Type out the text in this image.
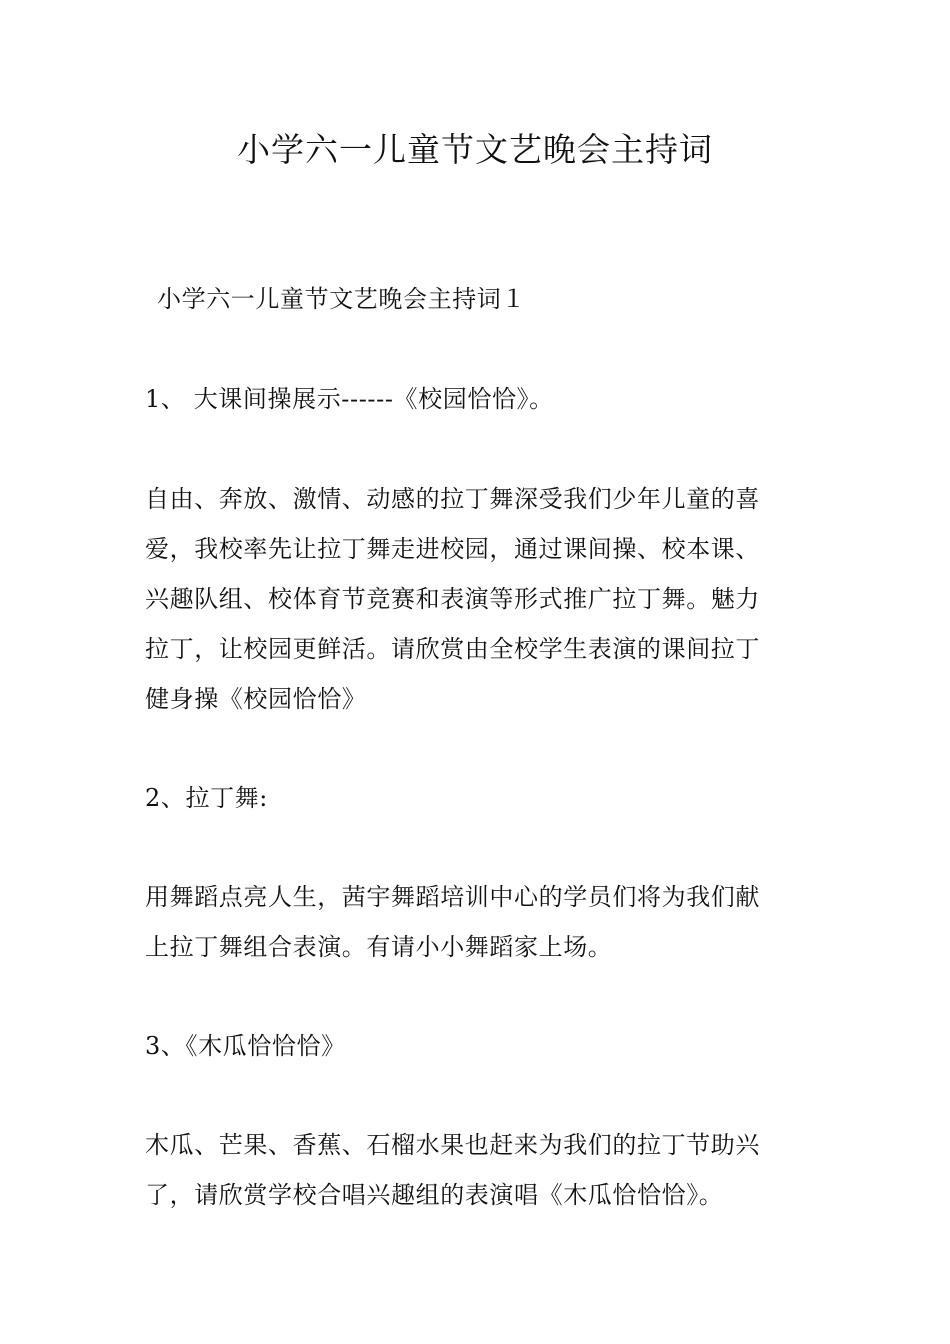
小学六一儿童节文艺晚会主持词

小学六一儿童节文艺晚会主持词１

1、 大课间操展示------《校园恰恰》。

自由、奔放、激情、动感的拉丁舞深受我们少年儿童的喜
爱，我校率先让拉丁舞走进校园，通过课间操、校本课、
兴趣队组、校体育节竞赛和表演等形式推广拉丁舞。魅力
拉丁，让校园更鲜活。请欣赏由全校学生表演的课间拉丁
健身操《校园恰恰》

2、拉丁舞:

用舞蹈点亮人生，茜宇舞蹈培训中心的学员们将为我们献
上拉丁舞组合表演。有请小小舞蹈家上场。

3、《木瓜恰恰恰》

木瓜、芒果、香蕉、石榴水果也赶来为我们的拉丁节助兴
了，请欣赏学校合唱兴趣组的表演唱《木瓜恰恰恰》。
